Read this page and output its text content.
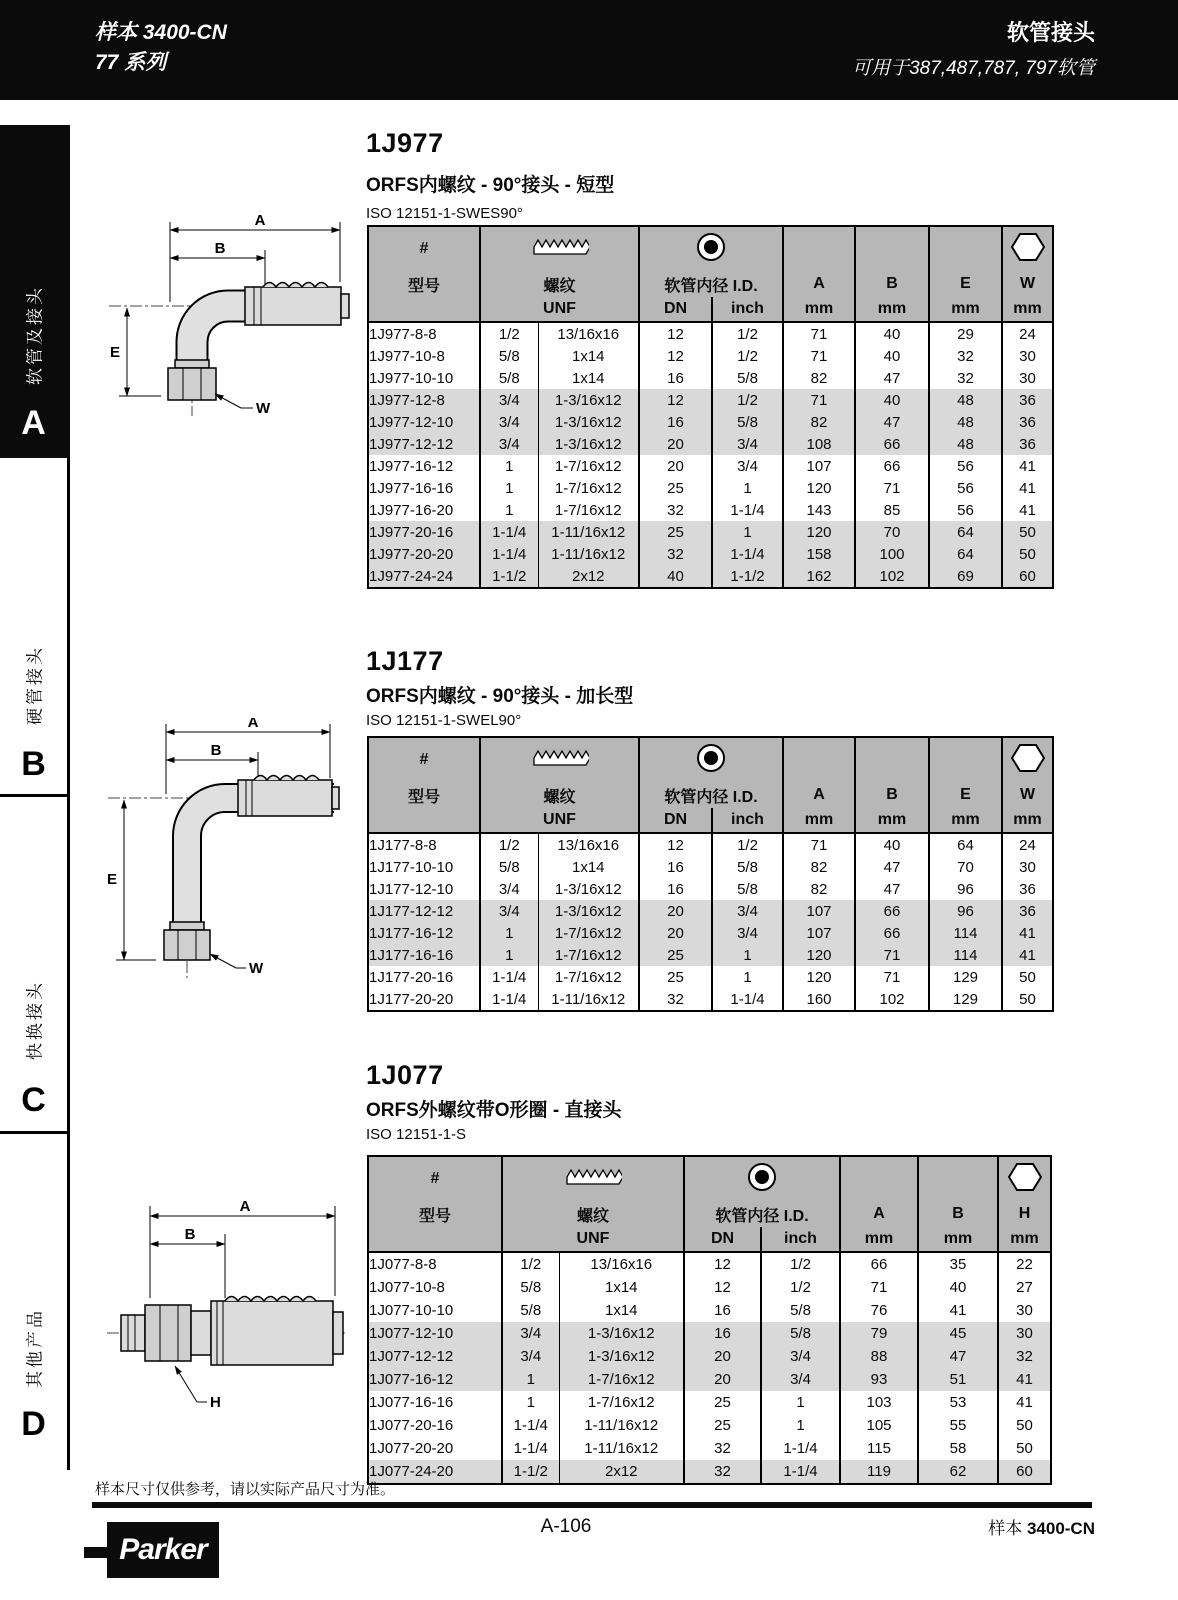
样本 3400-CN
77 系列
软管接头
可用于387,487,787, 797软管
软管及接头
A
硬管接头
B
快换接头
C
其他产品
D
1J977
ORFS内螺纹 - 90°接头 - 短型
ISO 12151-1-SWES90°
A
B
W
E
#						
型号	螺纹		软管内径 I.D.		A	B	E	W
	UNF		DN	inch	mm	mm	mm	mm
1J977-8-8	1/2	13/16x16	12	1/2	71	40	29	24
1J977-10-8	5/8	1x14	12	1/2	71	40	32	30
1J977-10-10	5/8	1x14	16	5/8	82	47	32	30
1J977-12-8	3/4	1-3/16x12	12	1/2	71	40	48	36
1J977-12-10	3/4	1-3/16x12	16	5/8	82	47	48	36
1J977-12-12	3/4	1-3/16x12	20	3/4	108	66	48	36
1J977-16-12	1	1-7/16x12	20	3/4	107	66	56	41
1J977-16-16	1	1-7/16x12	25	1	120	71	56	41
1J977-16-20	1	1-7/16x12	32	1-1/4	143	85	56	41
1J977-20-16	1-1/4	1-11/16x12	25	1	120	70	64	50
1J977-20-20	1-1/4	1-11/16x12	32	1-1/4	158	100	64	50
1J977-24-24	1-1/2	2x12	40	1-1/2	162	102	69	60
1J177
ORFS内螺纹 - 90°接头 - 加长型
ISO 12151-1-SWEL90°
A
B
W
E
#						
型号	螺纹		软管内径 I.D.		A	B	E	W
	UNF		DN	inch	mm	mm	mm	mm
1J177-8-8	1/2	13/16x16	12	1/2	71	40	64	24
1J177-10-10	5/8	1x14	16	5/8	82	47	70	30
1J177-12-10	3/4	1-3/16x12	16	5/8	82	47	96	36
1J177-12-12	3/4	1-3/16x12	20	3/4	107	66	96	36
1J177-16-12	1	1-7/16x12	20	3/4	107	66	114	41
1J177-16-16	1	1-7/16x12	25	1	120	71	114	41
1J177-20-16	1-1/4	1-7/16x12	25	1	120	71	129	50
1J177-20-20	1-1/4	1-11/16x12	32	1-1/4	160	102	129	50
1J077
ORFS外螺纹带O形圈 - 直接头
ISO 12151-1-S
A
B
H
#					
型号	螺纹		软管内径 I.D.		A	B	H
	UNF		DN	inch	mm	mm	mm
1J077-8-8	1/2	13/16x16	12	1/2	66	35	22
1J077-10-8	5/8	1x14	12	1/2	71	40	27
1J077-10-10	5/8	1x14	16	5/8	76	41	30
1J077-12-10	3/4	1-3/16x12	16	5/8	79	45	30
1J077-12-12	3/4	1-3/16x12	20	3/4	88	47	32
1J077-16-12	1	1-7/16x12	20	3/4	93	51	41
1J077-16-16	1	1-7/16x12	25	1	103	53	41
1J077-20-16	1-1/4	1-11/16x12	25	1	105	55	50
1J077-20-20	1-1/4	1-11/16x12	32	1-1/4	115	58	50
1J077-24-20	1-1/2	2x12	32	1-1/4	119	62	60
样本尺寸仅供参考，请以实际产品尺寸为准。
A-106	样本 3400-CN
Parker
